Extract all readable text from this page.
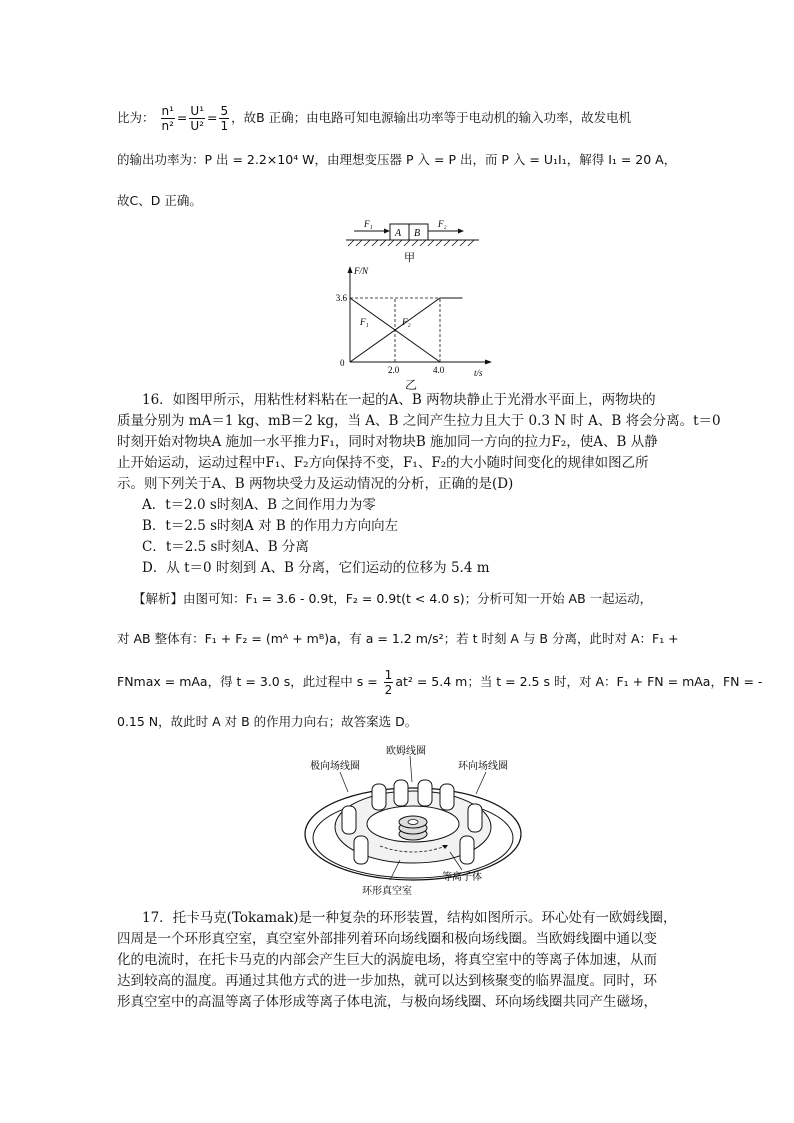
比为： $\frac{\text{n¹}}{\text{n²}} = \frac{\text{U¹}}{\text{U²}} = \frac{5}{1}$ ，故B 正确；由电路可知电源输出功率等于电动机的输入功率，故发电机
的输出功率为：P 出 = 2.2×10⁴ W，由理想变压器 P 入 = P 出，而 P 入 = U₁I₁，解得 I₁ = 20 A，
故C、D 正确。
A B
F₁	F₂
甲
F/N
t/s
0
3.6
2.0	4.0
F₁	F₂
乙
16．如图甲所示，用粘性材料粘在一起的A、B 两物块静止于光滑水平面上，两物块的
质量分别为 mA＝1 kg、mB＝2 kg，当 A、B 之间产生拉力且大于 0.3 N 时 A、B 将会分离。t＝0
时刻开始对物块A 施加一水平推力F₁，同时对物块B 施加同一方向的拉力F₂，使A、B 从静
止开始运动，运动过程中F₁、F₂方向保持不变，F₁、F₂的大小随时间变化的规律如图乙所
示。则下列关于A、B 两物块受力及运动情况的分析，正确的是(D)
A．t＝2.0 s时刻A、B 之间作用力为零
B．t＝2.5 s时刻A 对 B 的作用力方向向左
C．t＝2.5 s时刻A、B 分离
D．从 t＝0 时刻到 A、B 分离，它们运动的位移为 5.4 m
【解析】由图可知：F₁ = 3.6 - 0.9t，F₂ = 0.9t(t < 4.0 s)；分析可知一开始 AB 一起运动，
对 AB 整体有：F₁ + F₂ = (mᴬ + mᴮ)a，有 a = 1.2 m/s²；若 t 时刻 A 与 B 分离，此时对 A：F₁ +
FNmax = mAa，得 t = 3.0 s，此过程中 $s = \frac{1}{2} at^2 = 5.4$ m；当 t = 2.5 s 时，对 A：F₁ + FN = mAa，FN = -
0.15 N，故此时 A 对 B 的作用力向右；故答案选 D。
欧姆线圈
极向场线圈	环向场线圈
等离子体
环形真空室
17．托卡马克(Tokamak)是一种复杂的环形装置，结构如图所示。环心处有一欧姆线圈，
四周是一个环形真空室，真空室外部排列着环向场线圈和极向场线圈。当欧姆线圈中通以变
化的电流时，在托卡马克的内部会产生巨大的涡旋电场，将真空室中的等离子体加速，从而
达到较高的温度。再通过其他方式的进一步加热，就可以达到核聚变的临界温度。同时，环
形真空室中的高温等离子体形成等离子体电流，与极向场线圈、环向场线圈共同产生磁场，
